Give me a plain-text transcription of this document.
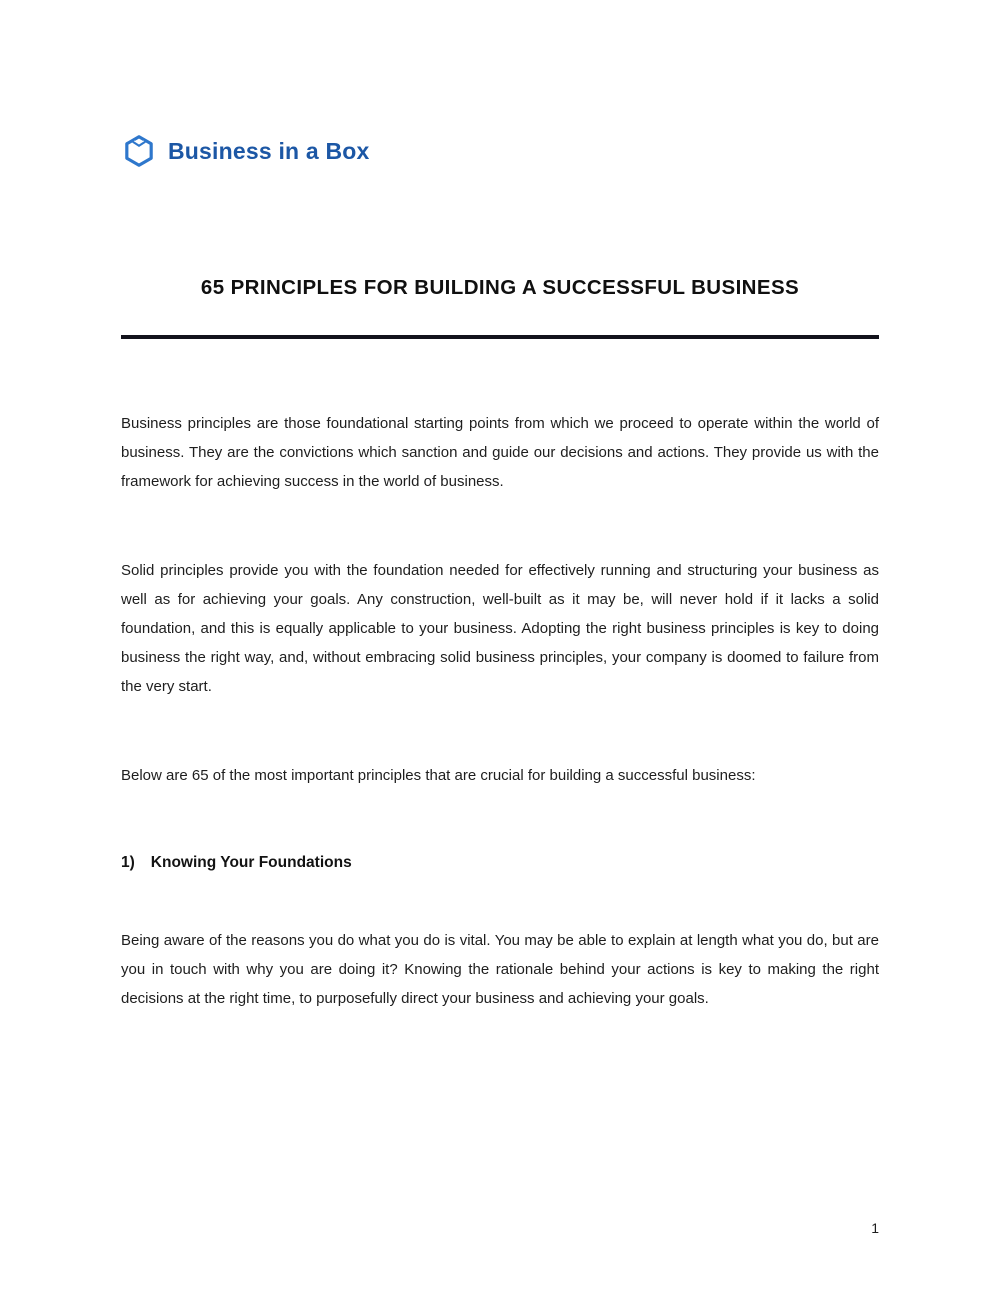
Business in a Box
65 PRINCIPLES FOR BUILDING A SUCCESSFUL BUSINESS

Business principles are those foundational starting points from which we proceed to operate within the world of business. They are the convictions which sanction and guide our decisions and actions. They provide us with the framework for achieving success in the world of business.

Solid principles provide you with the foundation needed for effectively running and structuring your business as well as for achieving your goals. Any construction, well-built as it may be, will never hold if it lacks a solid foundation, and this is equally applicable to your business. Adopting the right business principles is key to doing business the right way, and, without embracing solid business principles, your company is doomed to failure from the very start.

Below are 65 of the most important principles that are crucial for building a successful business:

1) Knowing Your Foundations

Being aware of the reasons you do what you do is vital. You may be able to explain at length what you do, but are you in touch with why you are doing it? Knowing the rationale behind your actions is key to making the right decisions at the right time, to purposefully direct your business and achieving your goals.

1
